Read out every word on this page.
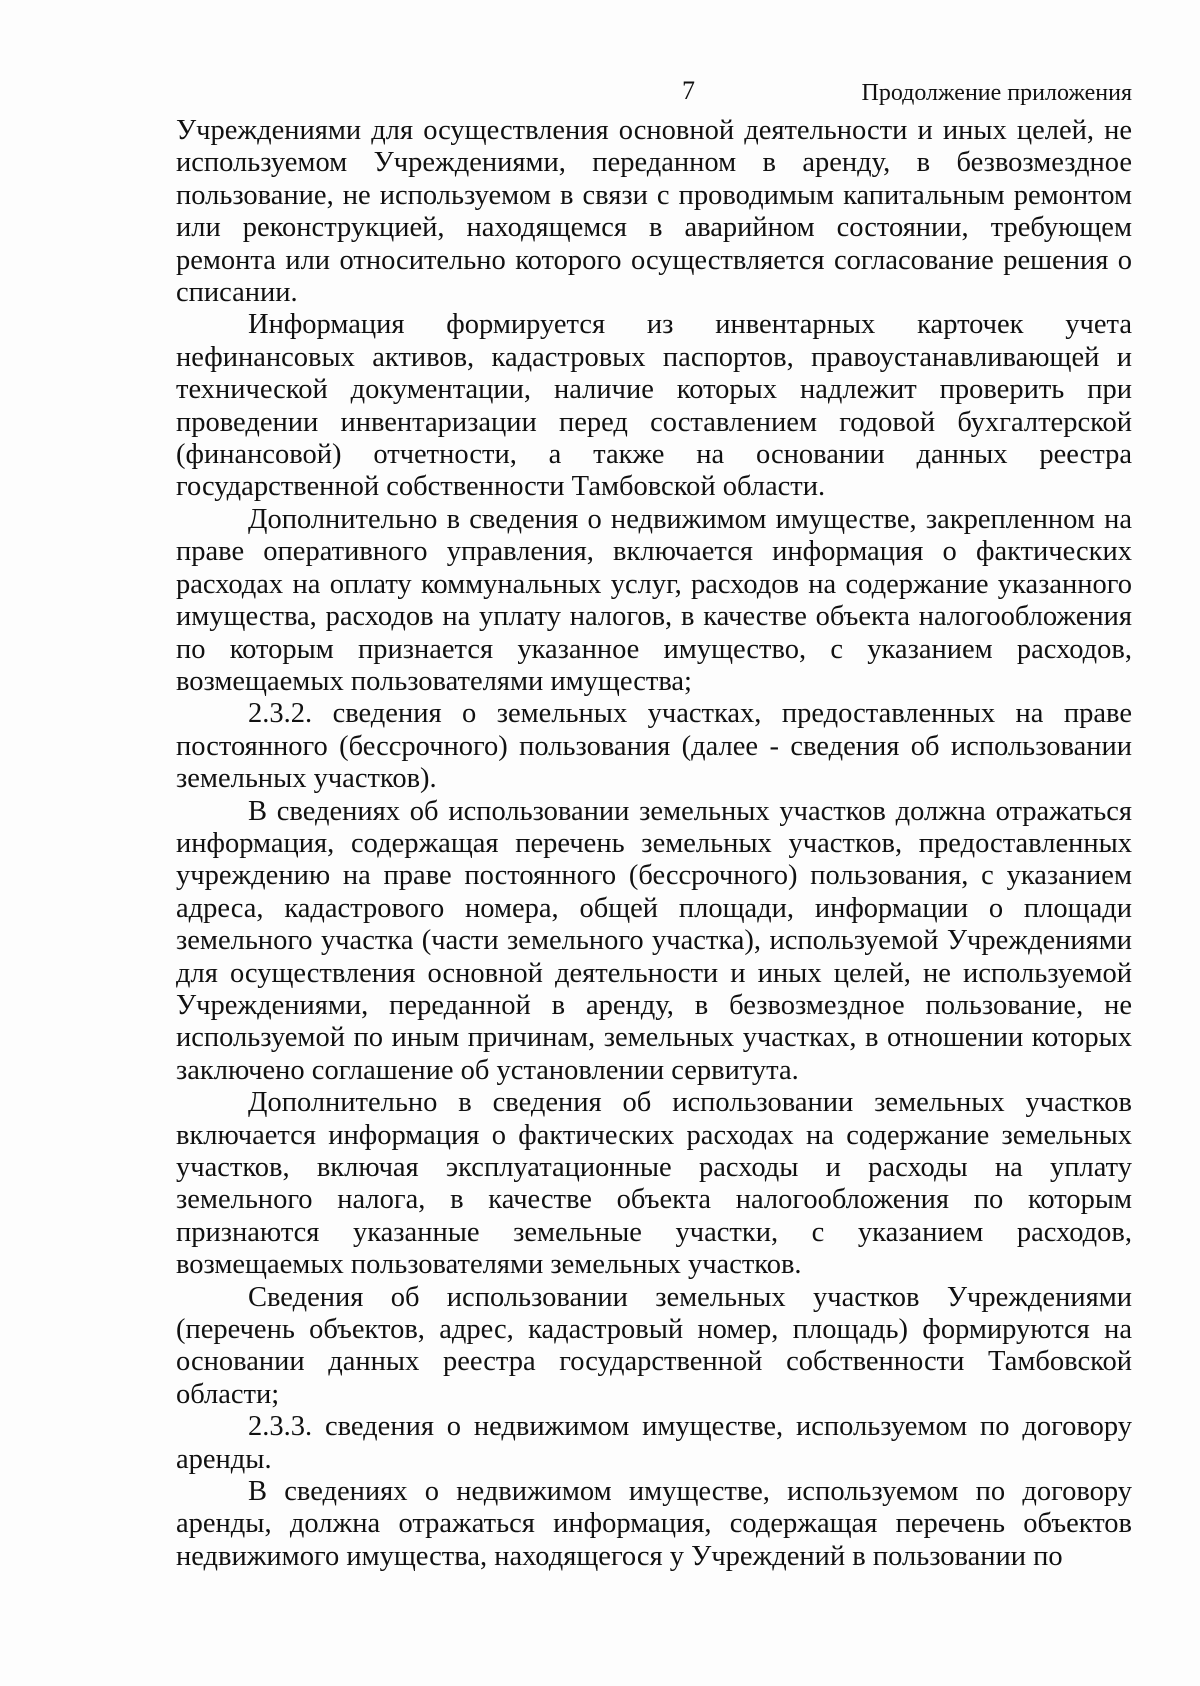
7	Продолжение приложения

Учреждениями для осуществления основной деятельности и иных целей, не используемом Учреждениями, переданном в аренду, в безвозмездное пользование, не используемом в связи с проводимым капитальным ремонтом или реконструкцией, находящемся в аварийном состоянии, требующем ремонта или относительно которого осуществляется согласование решения о списании.

Информация формируется из инвентарных карточек учета нефинансовых активов, кадастровых паспортов, правоустанавливающей и технической документации, наличие которых надлежит проверить при проведении инвентаризации перед составлением годовой бухгалтерской (финансовой) отчетности, а также на основании данных реестра государственной собственности Тамбовской области.

Дополнительно в сведения о недвижимом имуществе, закрепленном на праве оперативного управления, включается информация о фактических расходах на оплату коммунальных услуг, расходов на содержание указанного имущества, расходов на уплату налогов, в качестве объекта налогообложения по которым признается указанное имущество, с указанием расходов, возмещаемых пользователями имущества;

2.3.2. сведения о земельных участках, предоставленных на праве постоянного (бессрочного) пользования (далее - сведения об использовании земельных участков).

В сведениях об использовании земельных участков должна отражаться информация, содержащая перечень земельных участков, предоставленных учреждению на праве постоянного (бессрочного) пользования, с указанием адреса, кадастрового номера, общей площади, информации о площади земельного участка (части земельного участка), используемой Учреждениями для осуществления основной деятельности и иных целей, не используемой Учреждениями, переданной в аренду, в безвозмездное пользование, не используемой по иным причинам, земельных участках, в отношении которых заключено соглашение об установлении сервитута.

Дополнительно в сведения об использовании земельных участков включается информация о фактических расходах на содержание земельных участков, включая эксплуатационные расходы и расходы на уплату земельного налога, в качестве объекта налогообложения по которым признаются указанные земельные участки, с указанием расходов, возмещаемых пользователями земельных участков.

Сведения об использовании земельных участков Учреждениями (перечень объектов, адрес, кадастровый номер, площадь) формируются на основании данных реестра государственной собственности Тамбовской области;

2.3.3. сведения о недвижимом имуществе, используемом по договору аренды.

В сведениях о недвижимом имуществе, используемом по договору аренды, должна отражаться информация, содержащая перечень объектов недвижимого имущества, находящегося у Учреждений в пользовании по
